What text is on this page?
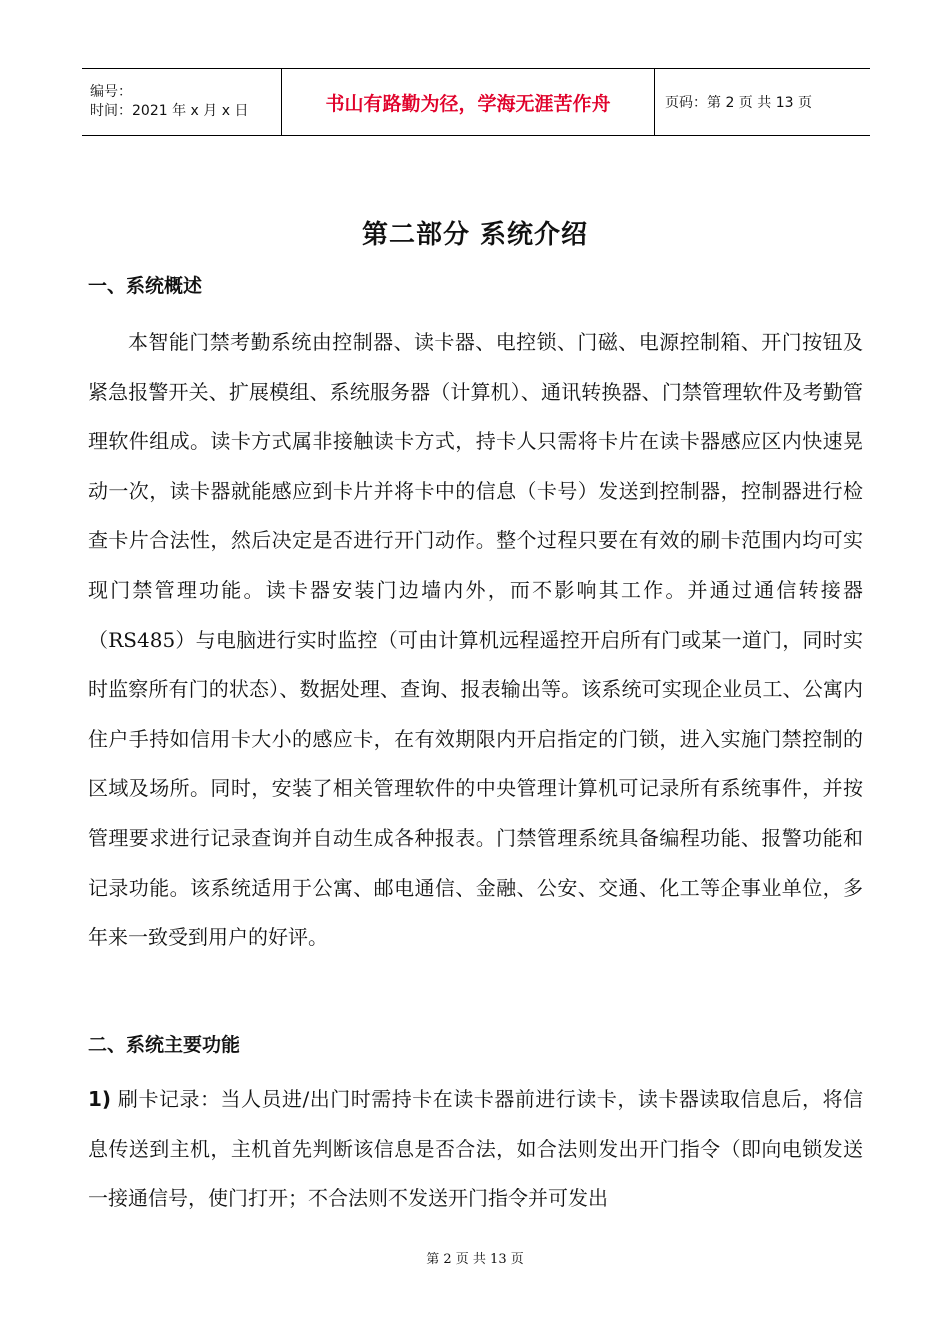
编号：
时间：2021 年 x 月 x 日	书山有路勤为径，学海无涯苦作舟	页码：第 2 页 共 13 页
第二部分 系统介绍
一、系统概述

本智能门禁考勤系统由控制器、读卡器、电控锁、门磁、电源控制箱、开门按钮及紧急报警开关、扩展模组、系统服务器（计算机）、通讯转换器、门禁管理软件及考勤管理软件组成。读卡方式属非接触读卡方式，持卡人只需将卡片在读卡器感应区内快速晃动一次，读卡器就能感应到卡片并将卡中的信息（卡号）发送到控制器，控制器进行检查卡片合法性，然后决定是否进行开门动作。整个过程只要在有效的刷卡范围内均可实现门禁管理功能。读卡器安装门边墙内外，而不影响其工作。并通过通信转接器（RS485）与电脑进行实时监控（可由计算机远程遥控开启所有门或某一道门，同时实时监察所有门的状态）、数据处理、查询、报表输出等。该系统可实现企业员工、公寓内住户手持如信用卡大小的感应卡，在有效期限内开启指定的门锁，进入实施门禁控制的区域及场所。同时，安装了相关管理软件的中央管理计算机可记录所有系统事件，并按管理要求进行记录查询并自动生成各种报表。门禁管理系统具备编程功能、报警功能和记录功能。该系统适用于公寓、邮电通信、金融、公安、交通、化工等企事业单位，多年来一致受到用户的好评。

二、系统主要功能

1) 刷卡记录：当人员进/出门时需持卡在读卡器前进行读卡，读卡器读取信息后，将信息传送到主机，主机首先判断该信息是否合法，如合法则发出开门指令（即向电锁发送一接通信号，使门打开；不合法则不发送开门指令并可发出

第 2 页 共 13 页
